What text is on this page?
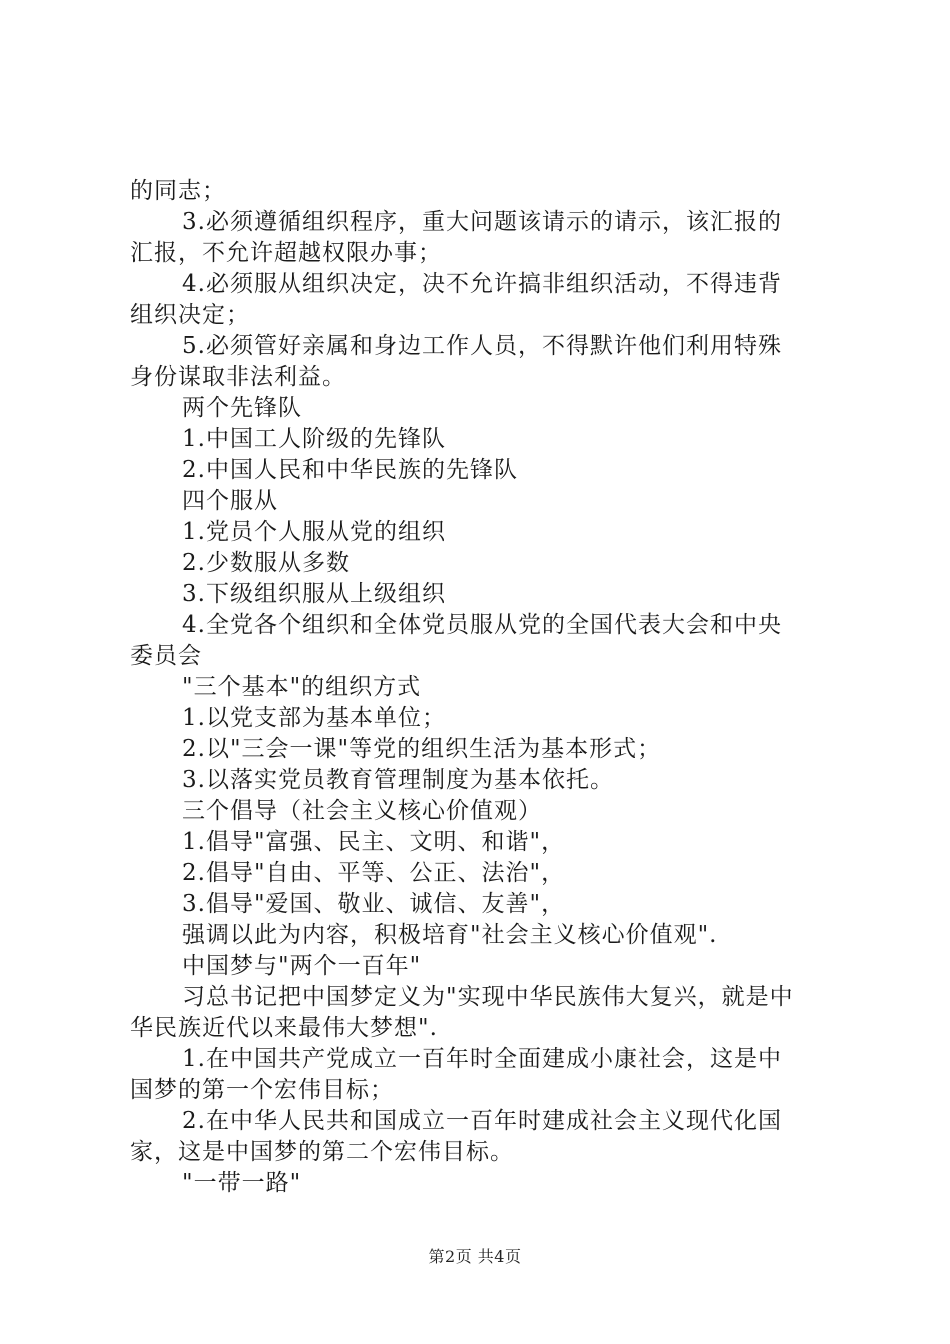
的同志；
3.必须遵循组织程序，重大问题该请示的请示，该汇报的
汇报，不允许超越权限办事；
4.必须服从组织决定，决不允许搞非组织活动，不得违背
组织决定；
5.必须管好亲属和身边工作人员，不得默许他们利用特殊
身份谋取非法利益。
两个先锋队
1.中国工人阶级的先锋队
2.中国人民和中华民族的先锋队
四个服从
1.党员个人服从党的组织
2.少数服从多数
3.下级组织服从上级组织
4.全党各个组织和全体党员服从党的全国代表大会和中央
委员会
"三个基本"的组织方式
1.以党支部为基本单位；
2.以"三会一课"等党的组织生活为基本形式；
3.以落实党员教育管理制度为基本依托。
三个倡导（社会主义核心价值观）
1.倡导"富强、民主、文明、和谐"，
2.倡导"自由、平等、公正、法治"，
3.倡导"爱国、敬业、诚信、友善"，
强调以此为内容，积极培育"社会主义核心价值观".
中国梦与"两个一百年"
习总书记把中国梦定义为"实现中华民族伟大复兴，就是中
华民族近代以来最伟大梦想".
1.在中国共产党成立一百年时全面建成小康社会，这是中
国梦的第一个宏伟目标；
2.在中华人民共和国成立一百年时建成社会主义现代化国
家，这是中国梦的第二个宏伟目标。
"一带一路"
第2页 共4页
